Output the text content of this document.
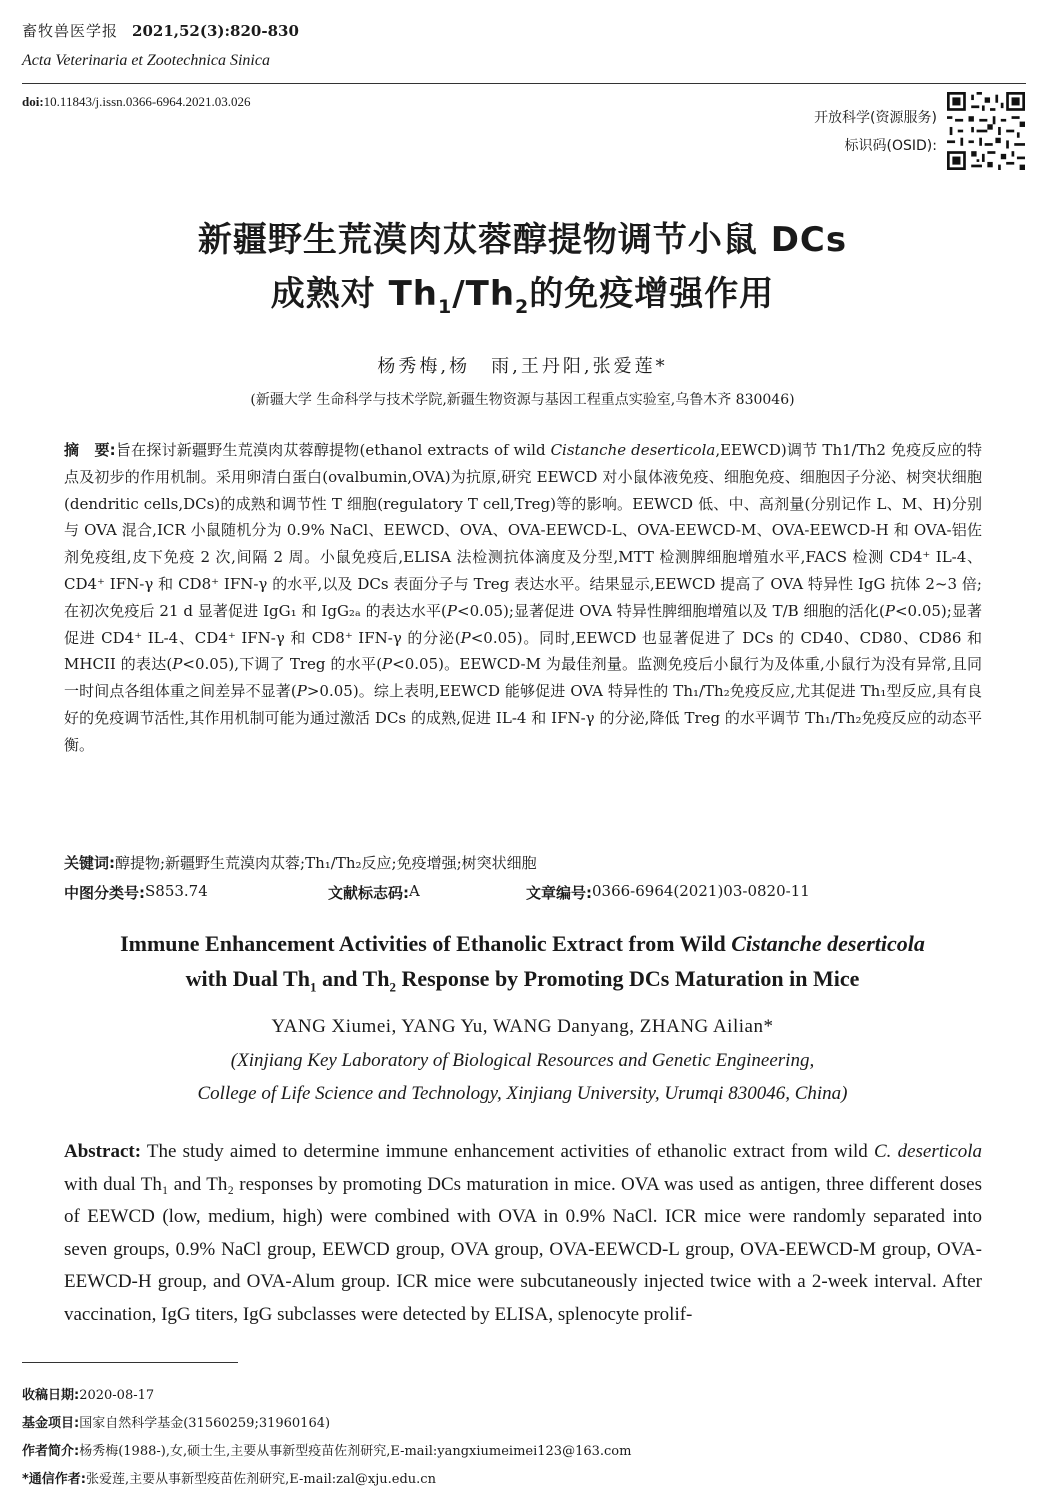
畜牧兽医学报 2021,52(3):820-830
Acta Veterinaria et Zootechnica Sinica
doi:10.11843/j.issn.0366-6964.2021.03.026
开放科学(资源服务)
标识码(OSID):
新疆野生荒漠肉苁蓉醇提物调节小鼠 DCs
成熟对 $Th_1/Th_2$的免疫增强作用
杨秀梅,杨　雨,王丹阳,张爱莲*
(新疆大学 生命科学与技术学院,新疆生物资源与基因工程重点实验室,乌鲁木齐 830046)
摘　要:旨在探讨新疆野生荒漠肉苁蓉醇提物(ethanol extracts of wild Cistanche deserticola,EEWCD)调节 Th1/Th2 免疫反应的特点及初步的作用机制。采用卵清白蛋白(ovalbumin,OVA)为抗原,研究 EEWCD 对小鼠体液免疫、细胞免疫、细胞因子分泌、树突状细胞(dendritic cells,DCs)的成熟和调节性 T 细胞(regulatory T cell,Treg)等的影响。EEWCD 低、中、高剂量(分别记作 L、M、H)分别与 OVA 混合,ICR 小鼠随机分为 0.9% NaCl、EEWCD、OVA、OVA-EEWCD-L、OVA-EEWCD-M、OVA-EEWCD-H 和 OVA-铝佐剂免疫组,皮下免疫 2 次,间隔 2 周。小鼠免疫后,ELISA 法检测抗体滴度及分型,MTT 检测脾细胞增殖水平,FACS 检测 CD4⁺ IL-4、CD4⁺ IFN-γ 和 CD8⁺ IFN-γ 的水平,以及 DCs 表面分子与 Treg 表达水平。结果显示,EEWCD 提高了 OVA 特异性 IgG 抗体 2~3 倍;在初次免疫后 21 d 显著促进 IgG₁ 和 IgG₂ₐ 的表达水平(P<0.05);显著促进 OVA 特异性脾细胞增殖以及 T/B 细胞的活化(P<0.05);显著促进 CD4⁺ IL-4、CD4⁺ IFN-γ 和 CD8⁺ IFN-γ 的分泌(P<0.05)。同时,EEWCD 也显著促进了 DCs 的 CD40、CD80、CD86 和 MHCII 的表达(P<0.05),下调了 Treg 的水平(P<0.05)。EEWCD-M 为最佳剂量。监测免疫后小鼠行为及体重,小鼠行为没有异常,且同一时间点各组体重之间差异不显著(P>0.05)。综上表明,EEWCD 能够促进 OVA 特异性的 Th₁/Th₂免疫反应,尤其促进 Th₁型反应,具有良好的免疫调节活性,其作用机制可能为通过激活 DCs 的成熟,促进 IL-4 和 IFN-γ 的分泌,降低 Treg 的水平调节 Th₁/Th₂免疫反应的动态平衡。
关键词:醇提物;新疆野生荒漠肉苁蓉;Th₁/Th₂反应;免疫增强;树突状细胞
中图分类号: S853.74	文献标志码: A	文章编号: 0366-6964(2021)03-0820-11
Immune Enhancement Activities of Ethanolic Extract from Wild Cistanche deserticola
with Dual $Th_1$ and $Th_2$ Response by Promoting DCs Maturation in Mice
YANG Xiumei, YANG Yu, WANG Danyang, ZHANG Ailian*
(Xinjiang Key Laboratory of Biological Resources and Genetic Engineering,
College of Life Science and Technology, Xinjiang University, Urumqi 830046, China)
Abstract: The study aimed to determine immune enhancement activities of ethanolic extract from wild C. deserticola with dual Th₁ and Th₂ responses by promoting DCs maturation in mice. OVA was used as antigen, three different doses of EEWCD (low, medium, high) were combined with OVA in 0.9% NaCl. ICR mice were randomly separated into seven groups, 0.9% NaCl group, EEWCD group, OVA group, OVA-EEWCD-L group, OVA-EEWCD-M group, OVA-EEWCD-H group, and OVA-Alum group. ICR mice were subcutaneously injected twice with a 2-week interval. After vaccination, IgG titers, IgG subclasses were detected by ELISA, splenocyte prolif-
收稿日期:2020-08-17
基金项目:国家自然科学基金(31560259;31960164)
作者简介:杨秀梅(1988-),女,硕士生,主要从事新型疫苗佐剂研究,E-mail:yangxiumeimei123@163.com
*通信作者:张爱莲,主要从事新型疫苗佐剂研究,E-mail:zal@xju.edu.cn
